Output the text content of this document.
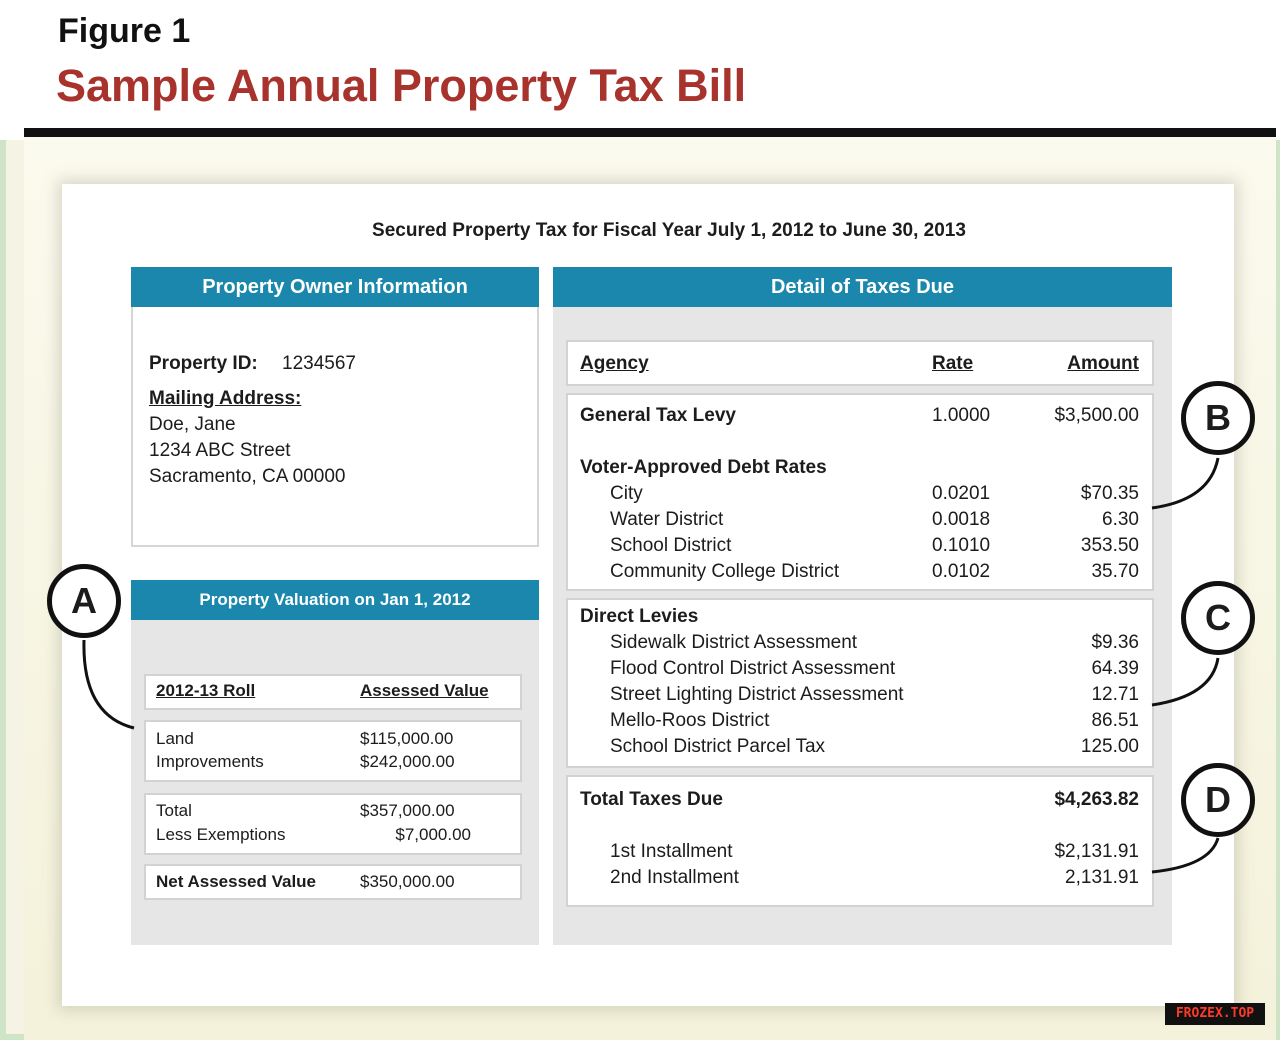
Figure 1
Sample Annual Property Tax Bill
Secured Property Tax for Fiscal Year July 1, 2012 to June 30, 2013
Property Owner Information
Property ID: 1234567
Mailing Address:
Doe, Jane
1234 ABC Street
Sacramento, CA 00000
Property Valuation on Jan 1, 2012
2012-13 Roll	Assessed Value
Land	$115,000.00
Improvements	$242,000.00
Total	$357,000.00
Less Exemptions	$7,000.00
Net Assessed Value	$350,000.00
Detail of Taxes Due
Agency	Rate	Amount
General Tax Levy	1.0000	$3,500.00
Voter-Approved Debt Rates
City	0.0201	$70.35
Water District	0.0018	6.30
School District	0.1010	353.50
Community College District	0.0102	35.70
Direct Levies
Sidewalk District Assessment	$9.36
Flood Control District Assessment	64.39
Street Lighting District Assessment	12.71
Mello-Roos District	86.51
School District Parcel Tax	125.00
Total Taxes Due	$4,263.82
1st Installment	$2,131.91
2nd Installment	2,131.91
A
B
C
D
FROZEX.TOP
